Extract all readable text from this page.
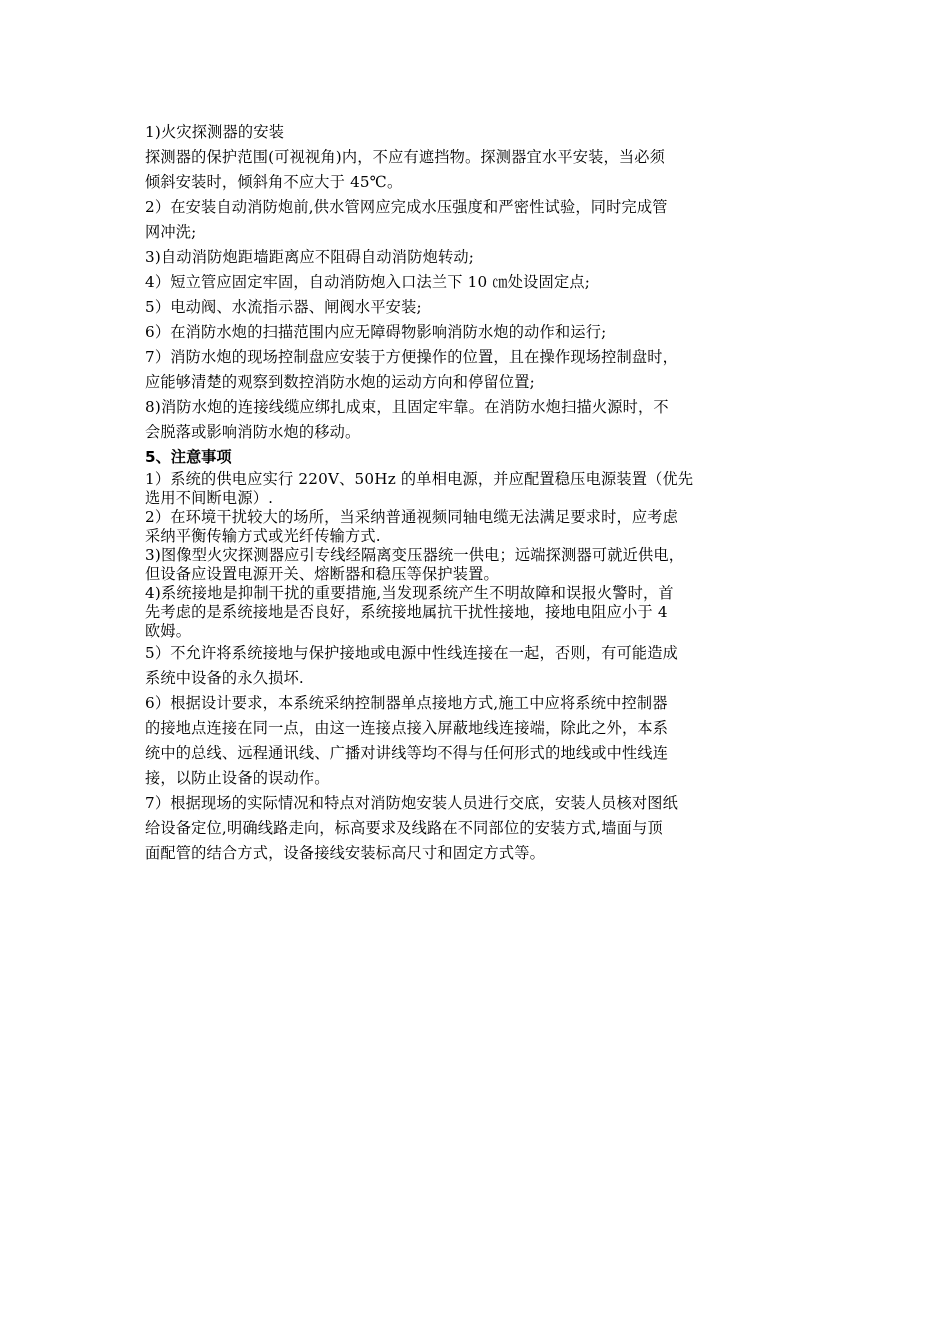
1)火灾探测器的安装

探测器的保护范围(可视视角)内，不应有遮挡物。探测器宜水平安装，当必须

倾斜安装时，倾斜角不应大于 45℃。

2）在安装自动消防炮前,供水管网应完成水压强度和严密性试验，同时完成管

网冲洗;

3)自动消防炮距墙距离应不阻碍自动消防炮转动;

4）短立管应固定牢固，自动消防炮入口法兰下 10 ㎝处设固定点;

5）电动阀、水流指示器、闸阀水平安装;

6）在消防水炮的扫描范围内应无障碍物影响消防水炮的动作和运行;

7）消防水炮的现场控制盘应安装于方便操作的位置，且在操作现场控制盘时，

应能够清楚的观察到数控消防水炮的运动方向和停留位置;

8)消防水炮的连接线缆应绑扎成束，且固定牢靠。在消防水炮扫描火源时，不

会脱落或影响消防水炮的移动。

5、注意事项

1）系统的供电应实行 220V、50Hz 的单相电源，并应配置稳压电源装置（优先

选用不间断电源）.

2）在环境干扰较大的场所，当采纳普通视频同轴电缆无法满足要求时，应考虑

采纳平衡传输方式或光纤传输方式.

3)图像型火灾探测器应引专线经隔离变压器统一供电；远端探测器可就近供电，

但设备应设置电源开关、熔断器和稳压等保护装置。

4)系统接地是抑制干扰的重要措施,当发现系统产生不明故障和误报火警时，首

先考虑的是系统接地是否良好，系统接地属抗干扰性接地，接地电阻应小于 4

欧姆。

5）不允许将系统接地与保护接地或电源中性线连接在一起，否则，有可能造成

系统中设备的永久损坏.

6）根据设计要求，本系统采纳控制器单点接地方式,施工中应将系统中控制器

的接地点连接在同一点，由这一连接点接入屏蔽地线连接端，除此之外，本系

统中的总线、远程通讯线、广播对讲线等均不得与任何形式的地线或中性线连

接，以防止设备的误动作。

7）根据现场的实际情况和特点对消防炮安装人员进行交底，安装人员核对图纸

给设备定位,明确线路走向，标高要求及线路在不同部位的安装方式,墙面与顶

面配管的结合方式，设备接线安装标高尺寸和固定方式等。
